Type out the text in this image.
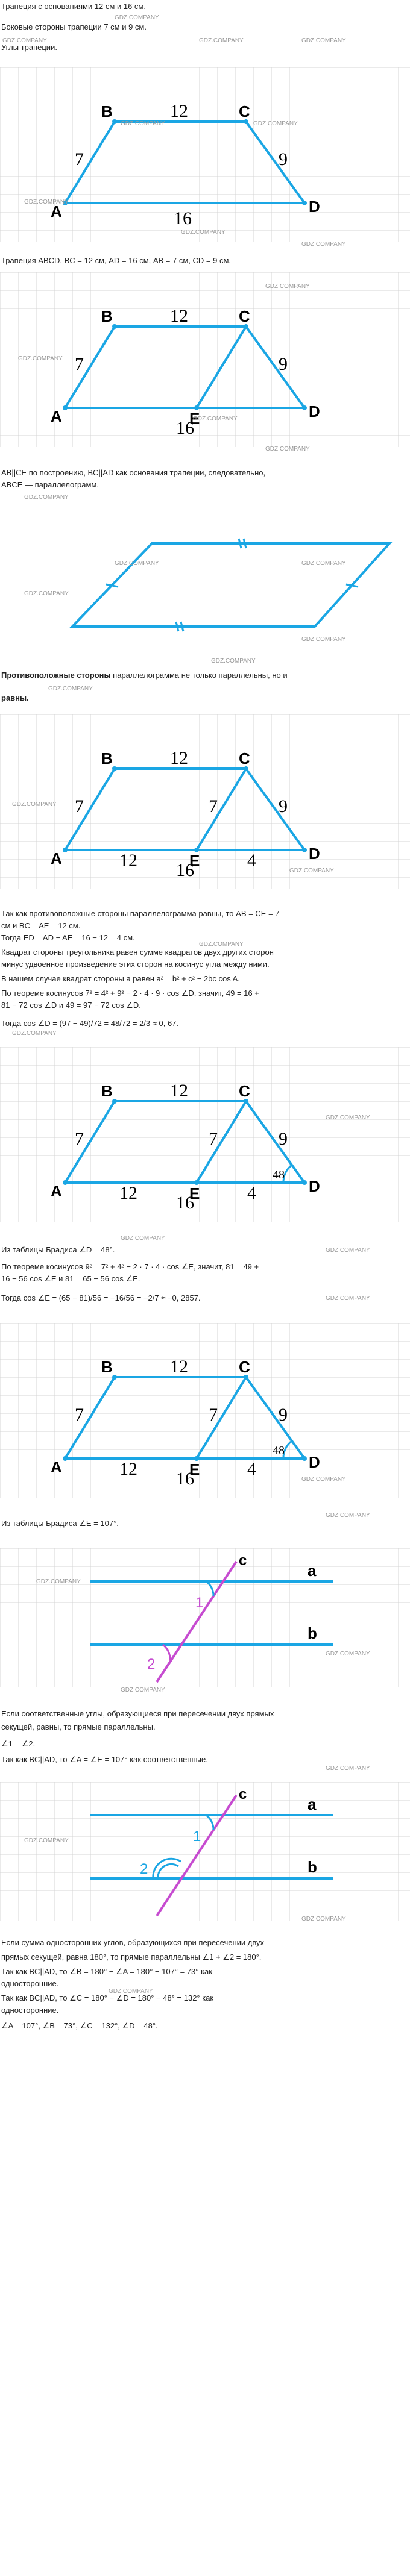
Трапеция с основаниями 12 см и 16 см.
Боковые стороны трапеции 7 см и 9 см.
Углы трапеции.
B	C
D
A
12
16
7	9
Трапеция ABCD, BC = 12 см, AD = 16 см, AB = 7 см, CD = 9 см.
B	C
D
A	E
12
16
7	9
AB||CE по построению, BC||AD как основания трапеции, следовательно,
ABCE — параллелограмм.
Противоположные стороны параллелограмма не только параллельны, но и
равны.
B	C
D
A	E
12
16
12	4
7	7	9
Так как противоположные стороны параллелограмма равны, то AB = CE = 7
см и BC = AE = 12 см.
Тогда ED = AD − AE = 16 − 12 = 4 см.
Квадрат стороны треугольника равен сумме квадратов двух других сторон
минус удвоенное произведение этих сторон на косинус угла между ними.
В нашем случае квадрат стороны a равен a² = b² + c² − 2bc cos A.
По теореме косинусов 7² = 4² + 9² − 2 · 4 · 9 · cos ∠D, значит, 49 = 16 +
81 − 72 cos ∠D и 49 = 97 − 72 cos ∠D.
Тогда cos ∠D = (97 − 49)/72 = 48/72 = 2/3 ≈ 0, 67.
B	C
D
A	E
12
16
12	4
7	7	9
48
Из таблицы Брадиса ∠D = 48°.
По теореме косинусов 9² = 7² + 4² − 2 · 7 · 4 · cos ∠E, значит, 81 = 49 +
16 − 56 cos ∠E и 81 = 65 − 56 cos ∠E.
Тогда cos ∠E = (65 − 81)/56 = −16/56 = −2/7 ≈ −0, 2857.
B	C
D
A	E
12
16
12	4
7	7	9
48
Из таблицы Брадиса ∠E = 107°.
c
a
b
1
2
Если соответственные углы, образующиеся при пересечении двух прямых
секущей, равны, то прямые параллельны.
∠1 = ∠2.
Так как BC||AD, то ∠A = ∠E = 107° как соответственные.
c
a
b
1
2
Если сумма односторонних углов, образующихся при пересечении двух
прямых секущей, равна 180°, то прямые параллельны ∠1 + ∠2 = 180°.
Так как BC||AD, то ∠B = 180° − ∠A = 180° − 107° = 73° как
односторонние.
Так как BC||AD, то ∠C = 180° − ∠D = 180° − 48° = 132° как
односторонние.
∠A = 107°, ∠B = 73°, ∠C = 132°, ∠D = 48°.
GDZ.COMPANY
GDZ.COMPANY	GDZ.COMPANY	GDZ.COMPANY
GDZ.COMPANY	GDZ.COMPANY
GDZ.COMPANY
GDZ.COMPANY
GDZ.COMPANY
GDZ.COMPANY
GDZ.COMPANY
GDZ.COMPANY
GDZ.COMPANY
GDZ.COMPANY
GDZ.COMPANY	GDZ.COMPANY
GDZ.COMPANY
GDZ.COMPANY
GDZ.COMPANY
GDZ.COMPANY
GDZ.COMPANY
GDZ.COMPANY
GDZ.COMPANY
GDZ.COMPANY
GDZ.COMPANY
GDZ.COMPANY
GDZ.COMPANY
GDZ.COMPANY
GDZ.COMPANY
GDZ.COMPANY
GDZ.COMPANY
GDZ.COMPANY
GDZ.COMPANY
GDZ.COMPANY
GDZ.COMPANY
GDZ.COMPANY
GDZ.COMPANY
